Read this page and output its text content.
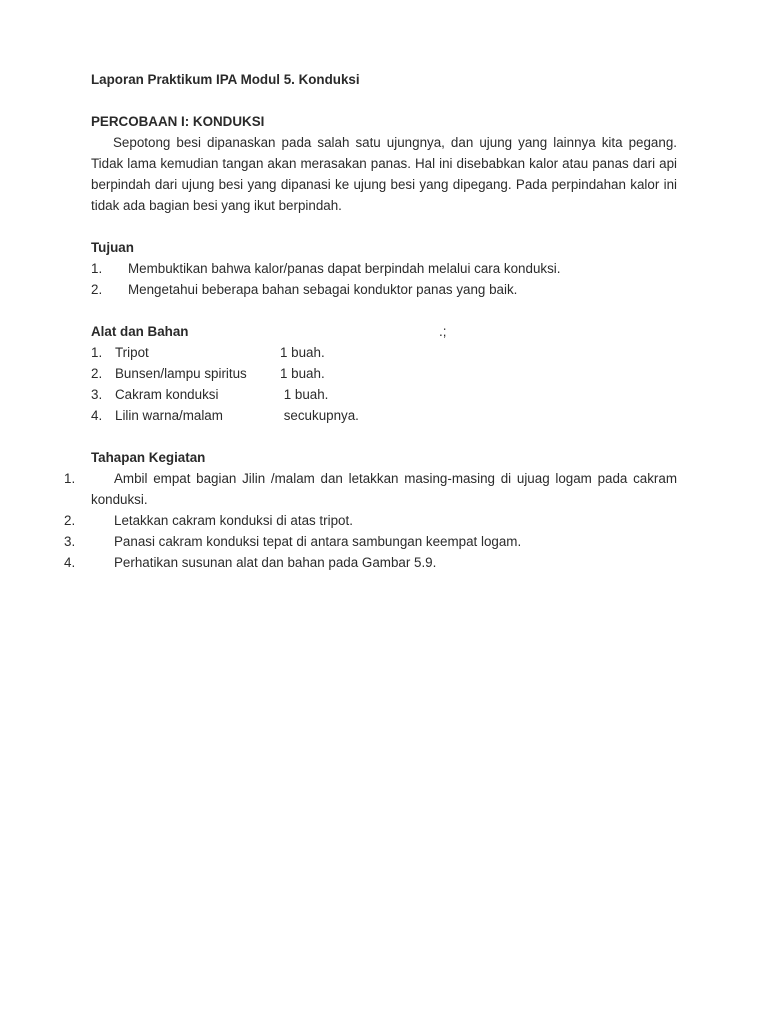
Laporan Praktikum IPA Modul 5. Konduksi
PERCOBAAN I: KONDUKSI
Sepotong besi dipanaskan pada salah satu ujungnya, dan ujung yang lainnya kita pegang. Tidak lama kemudian tangan akan merasakan panas. Hal ini disebabkan kalor atau panas dari api berpindah dari ujung besi yang dipanasi ke ujung besi yang dipegang. Pada perpindahan kalor ini tidak ada bagian besi yang ikut berpindah.
Tujuan
1. Membuktikan bahwa kalor/panas dapat berpindah melalui cara konduksi.
2. Mengetahui beberapa bahan sebagai konduktor panas yang baik.
Alat dan Bahan	.;
1. Tripot	1 buah.
2. Bunsen/lampu spiritus 1 buah.
3. Cakram konduksi	1 buah.
4. Lilin warna/malam	secukupnya.
Tahapan Kegiatan
1.	Ambil empat bagian Jilin /malam dan letakkan masing-masing di ujuag logam pada cakram konduksi.
2.	Letakkan cakram konduksi di atas tripot.
3.	Panasi cakram konduksi tepat di antara sambungan keempat logam.
4.	Perhatikan susunan alat dan bahan pada Gambar 5.9.
